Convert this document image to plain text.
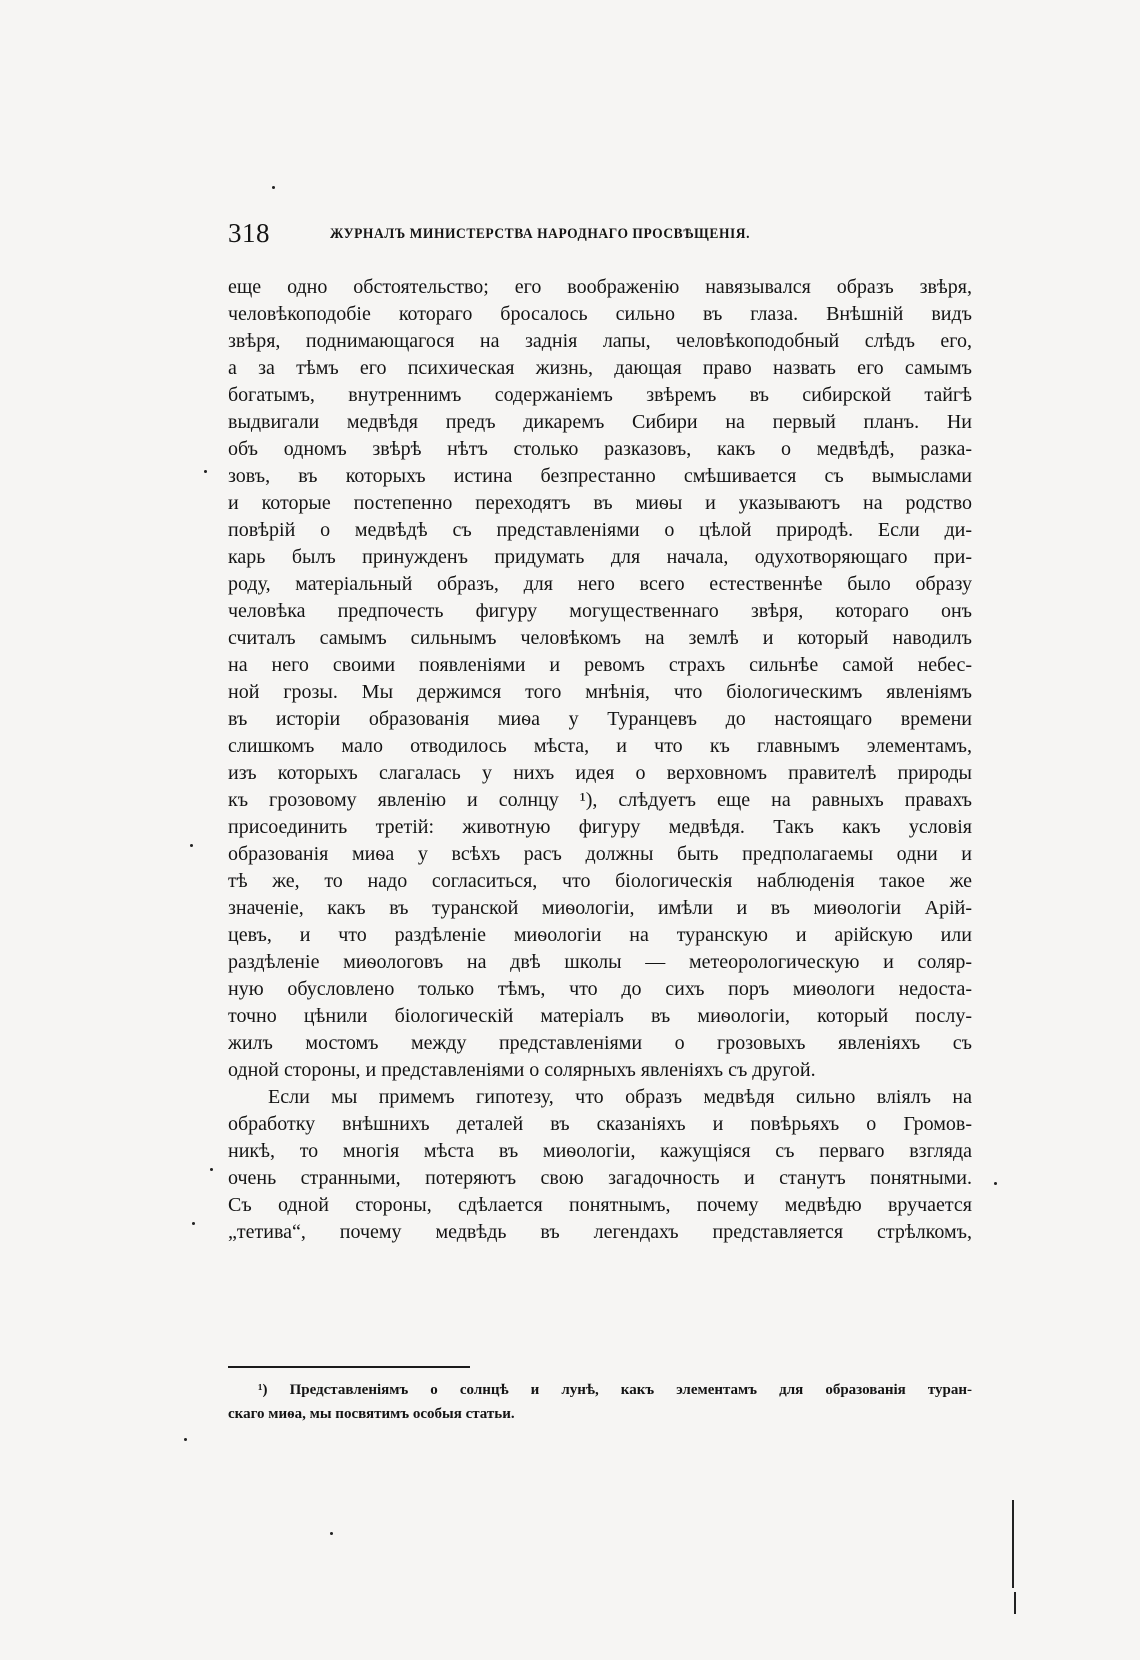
318	ЖУРНАЛЪ МИНИСТЕРСТВА НАРОДНАГО ПРОСВѢЩЕНІЯ.
еще одно обстоятельство; его воображенію навязывался образъ звѣря,
человѣкоподобіе котораго бросалось сильно въ глаза. Внѣшній видъ
звѣря, поднимающагося на заднія лапы, человѣкоподобный слѣдъ его,
а за тѣмъ его психическая жизнь, дающая право назвать его самымъ
богатымъ, внутреннимъ содержаніемъ звѣремъ въ сибирской тайгѣ
выдвигали медвѣдя предъ дикаремъ Сибири на первый планъ. Ни
объ одномъ звѣрѣ нѣтъ столько разказовъ, какъ о медвѣдѣ, разка-
зовъ, въ которыхъ истина безпрестанно смѣшивается съ вымыслами
и которые постепенно переходятъ въ миѳы и указываютъ на родство
повѣрій о медвѣдѣ съ представленіями о цѣлой природѣ. Если ди-
карь былъ принужденъ придумать для начала, одухотворяющаго при-
роду, матеріальный образъ, для него всего естественнѣе было образу
человѣка предпочесть фигуру могущественнаго звѣря, котораго онъ
считалъ самымъ сильнымъ человѣкомъ на землѣ и который наводилъ
на него своими появленіями и ревомъ страхъ сильнѣе самой небес-
ной грозы. Мы держимся того мнѣнія, что біологическимъ явленіямъ
въ исторіи образованія миѳа у Туранцевъ до настоящаго времени
слишкомъ мало отводилось мѣста, и что къ главнымъ элементамъ,
изъ которыхъ слагалась у нихъ идея о верховномъ правителѣ природы
къ грозовому явленію и солнцу ¹), слѣдуетъ еще на равныхъ правахъ
присоединить третій: животную фигуру медвѣдя. Такъ какъ условія
образованія миѳа у всѣхъ расъ должны быть предполагаемы одни и
тѣ же, то надо согласиться, что біологическія наблюденія такое же
значеніе, какъ въ туранской миѳологіи, имѣли и въ миѳологіи Арій-
цевъ, и что раздѣленіе миѳологіи на туранскую и арійскую или
раздѣленіе миѳологовъ на двѣ школы — метеорологическую и соляр-
ную обусловлено только тѣмъ, что до сихъ поръ миѳологи недоста-
точно цѣнили біологическій матеріалъ въ миѳологіи, который послу-
жилъ мостомъ между представленіями о грозовыхъ явленіяхъ съ
одной стороны, и представленіями о солярныхъ явленіяхъ съ другой.
Если мы примемъ гипотезу, что образъ медвѣдя сильно вліялъ на
обработку внѣшнихъ деталей въ сказаніяхъ и повѣрьяхъ о Громов-
никѣ, то многія мѣста въ миѳологіи, кажущіяся съ перваго взгляда
очень странными, потеряютъ свою загадочность и станутъ понятными.
Съ одной стороны, сдѣлается понятнымъ, почему медвѣдю вручается
„тетива“, почему медвѣдь въ легендахъ представляется стрѣлкомъ,
¹) Представленіямъ о солнцѣ и лунѣ, какъ элементамъ для образованія туран-
скаго миѳа, мы посвятимъ особыя статьи.
